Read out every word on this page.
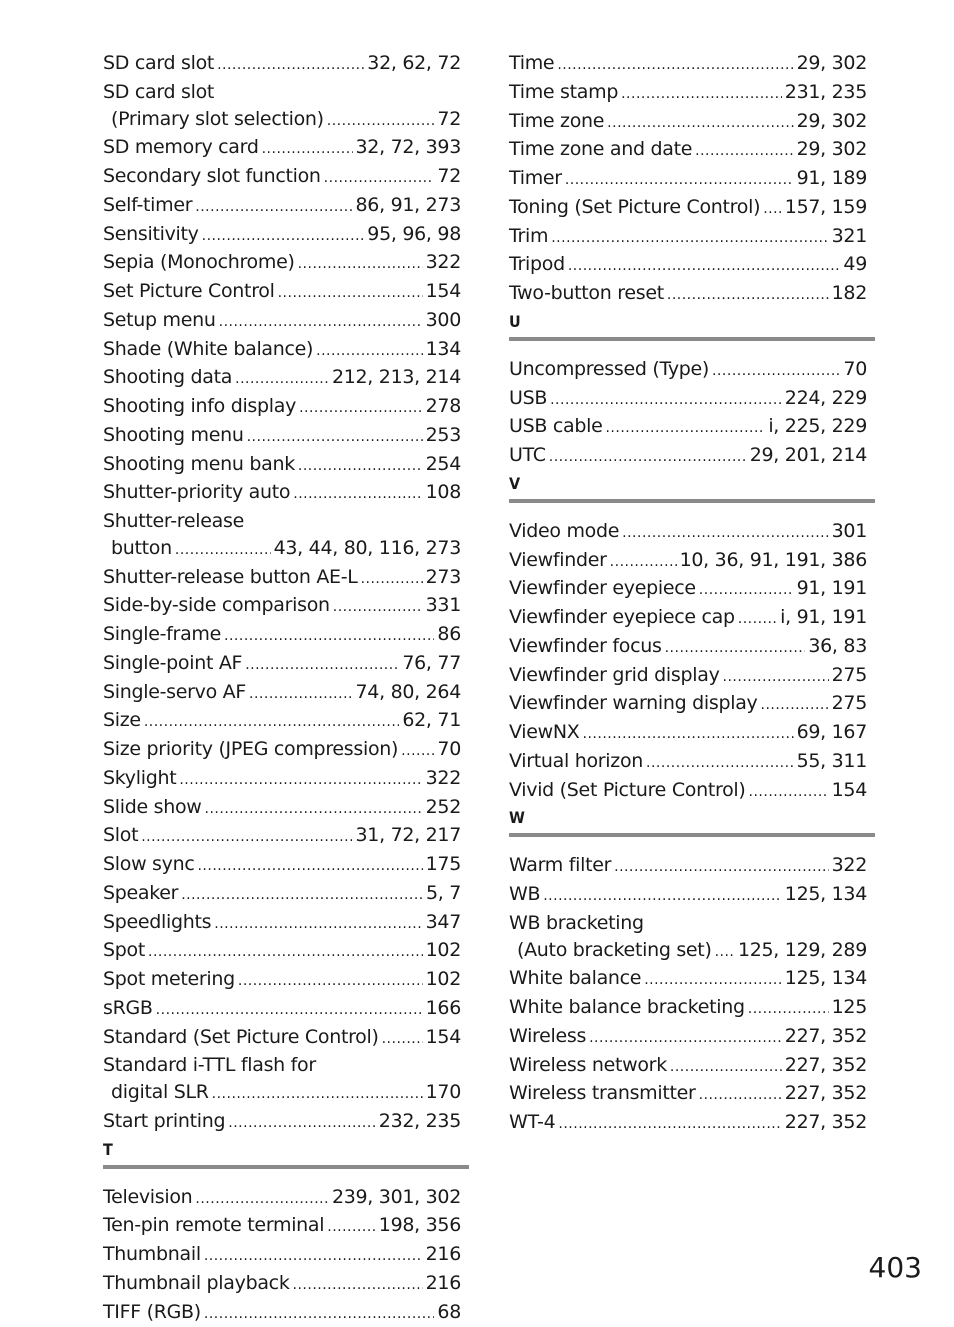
SD card slot .....	32, 62, 72
SD card slot
(Primary slot selection) .....	72
SD memory card .....	32, 72, 393
Secondary slot function .....	72
Self-timer .....	86, 91, 273
Sensitivity .....	95, 96, 98
Sepia (Monochrome) .....	322
Set Picture Control .....	154
Setup menu .....	300
Shade (White balance) .....	134
Shooting data .....	212, 213, 214
Shooting info display .....	278
Shooting menu .....	253
Shooting menu bank .....	254
Shutter-priority auto .....	108
Shutter-release
button .....	43, 44, 80, 116, 273
Shutter-release button AE-L .....	273
Side-by-side comparison .....	331
Single-frame .....	86
Single-point AF .....	76, 77
Single-servo AF .....	74, 80, 264
Size .....	62, 71
Size priority (JPEG compression) ..... 70
Skylight .....	322
Slide show .....	252
Slot .....	31, 72, 217
Slow sync .....	175
Speaker .....	5, 7
Speedlights .....	347
Spot .....	102
Spot metering .....	102
sRGB .....	166
Standard (Set Picture Control) ..... 154
Standard i-TTL flash for
digital SLR .....	170
Start printing .....	232, 235
T
Television .....	239, 301, 302
Ten-pin remote terminal .....	198, 356
Thumbnail .....	216
Thumbnail playback .....	216
TIFF (RGB) .....	68
Time .....	29, 302
Time stamp .....	231, 235
Time zone .....	29, 302
Time zone and date .....	29, 302
Timer .....	91, 189
Toning (Set Picture Control) ..... 157, 159
Trim .....	321
Tripod .....	49
Two-button reset .....	182
U
Uncompressed (Type) .....	70
USB .....	224, 229
USB cable .....	i, 225, 229
UTC .....	29, 201, 214
V
Video mode .....	301
Viewfinder .....	10, 36, 91, 191, 386
Viewfinder eyepiece .....	91, 191
Viewfinder eyepiece cap ..... i, 91, 191
Viewfinder focus .....	36, 83
Viewfinder grid display .....	275
Viewfinder warning display .....	275
ViewNX .....	69, 167
Virtual horizon .....	55, 311
Vivid (Set Picture Control) .....	154
W
Warm filter .....	322
WB .....	125, 134
WB bracketing
(Auto bracketing set) ..... 125, 129, 289
White balance .....	125, 134
White balance bracketing .....	125
Wireless .....	227, 352
Wireless network .....	227, 352
Wireless transmitter .....	227, 352
WT-4 .....	227, 352
403
